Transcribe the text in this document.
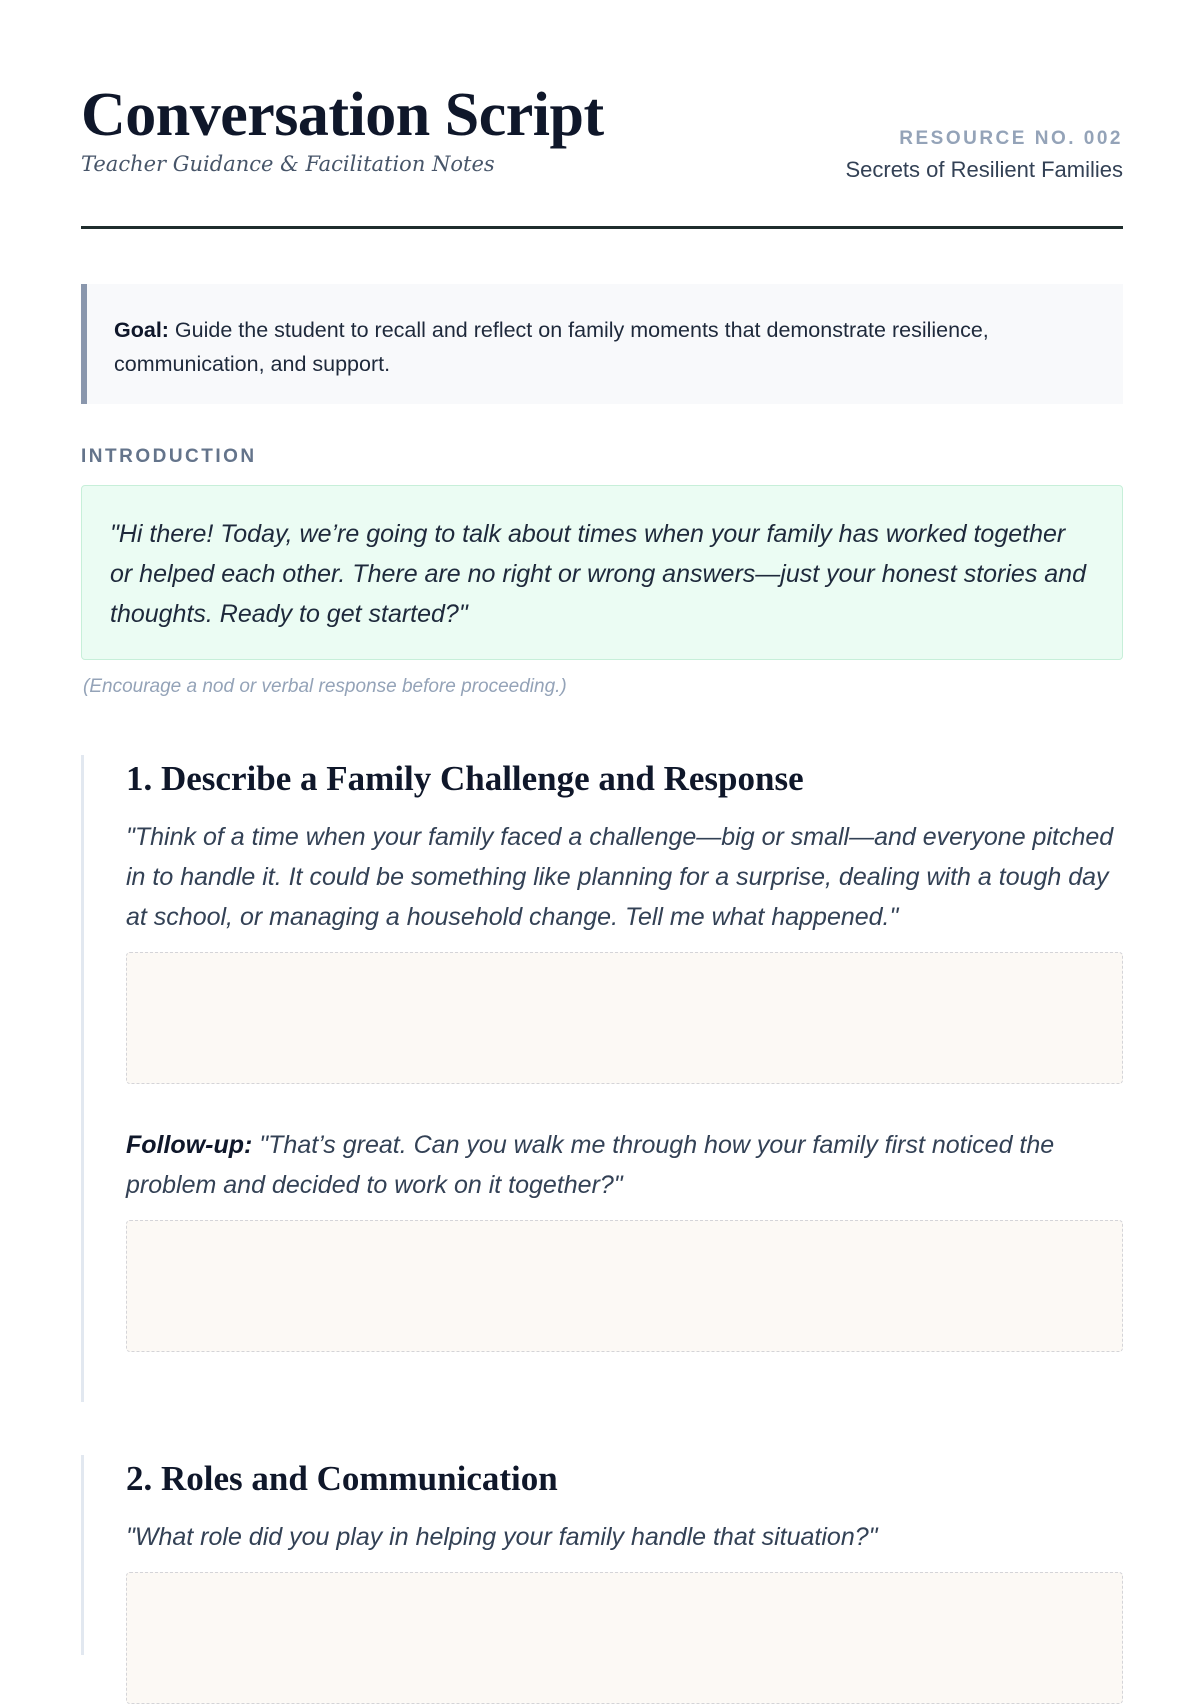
Conversation Script
Teacher Guidance & Facilitation Notes
RESOURCE NO. 002
Secrets of Resilient Families
Goal: Guide the student to recall and reflect on family moments that demonstrate resilience, communication, and support.
INTRODUCTION
"Hi there! Today, we’re going to talk about times when your family has worked together or helped each other. There are no right or wrong answers—just your honest stories and thoughts. Ready to get started?"
(Encourage a nod or verbal response before proceeding.)
1. Describe a Family Challenge and Response

"Think of a time when your family faced a challenge—big or small—and everyone pitched in to handle it. It could be something like planning for a surprise, dealing with a tough day at school, or managing a household change. Tell me what happened."

Follow-up: "That’s great. Can you walk me through how your family first noticed the problem and decided to work on it together?"

2. Roles and Communication

"What role did you play in helping your family handle that situation?"
